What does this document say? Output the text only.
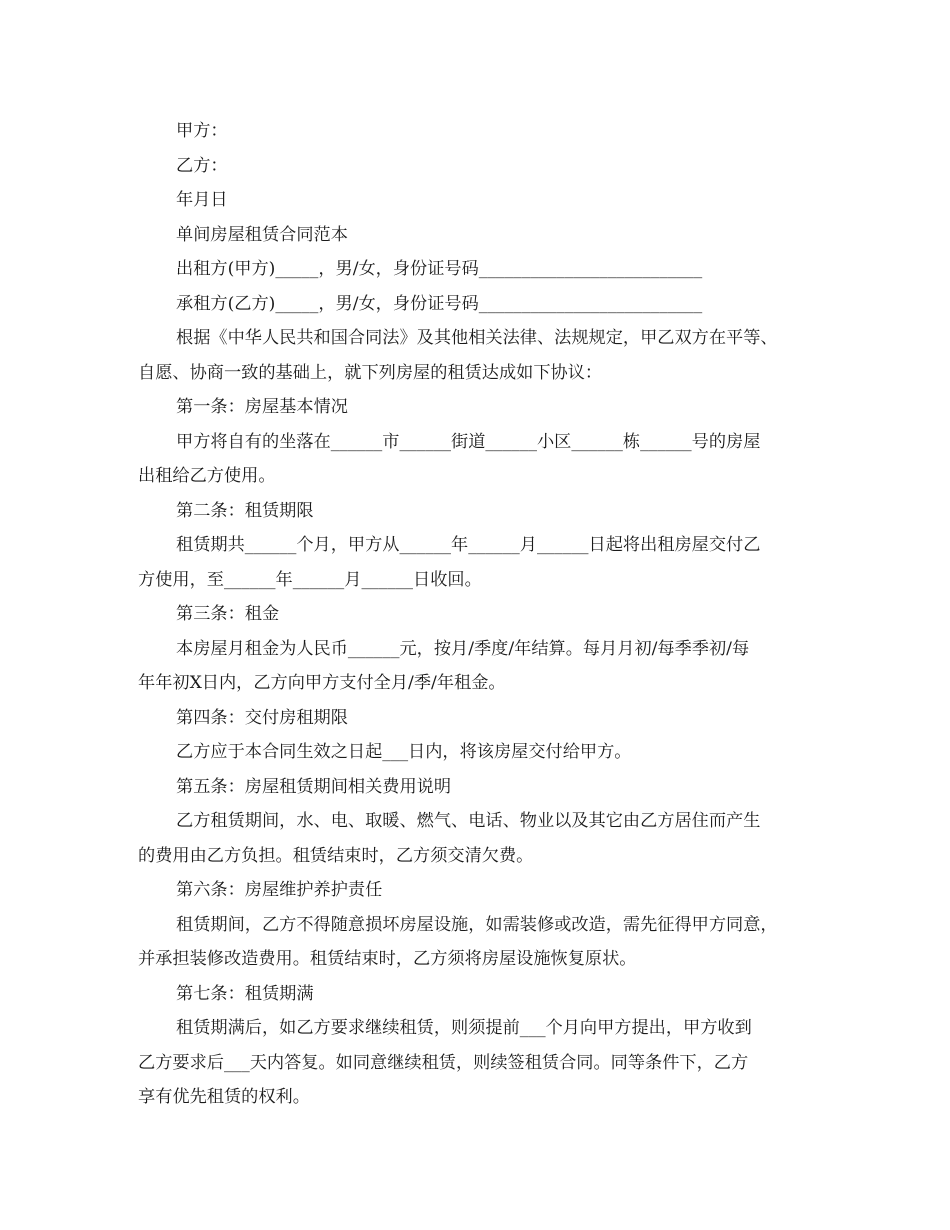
甲方：
乙方：
年月日
单间房屋租赁合同范本
出租方(甲方)_____，男/女，身份证号码__________________________
承租方(乙方)_____，男/女，身份证号码__________________________
根据《中华人民共和国合同法》及其他相关法律、法规规定，甲乙双方在平等、
自愿、协商一致的基础上，就下列房屋的租赁达成如下协议：
第一条：房屋基本情况
甲方将自有的坐落在______市______街道______小区______栋______号的房屋
出租给乙方使用。
第二条：租赁期限
租赁期共______个月，甲方从______年______月______日起将出租房屋交付乙
方使用，至______年______月______日收回。
第三条：租金
本房屋月租金为人民币______元，按月/季度/年结算。每月月初/每季季初/每
年年初X日内，乙方向甲方支付全月/季/年租金。
第四条：交付房租期限
乙方应于本合同生效之日起___日内，将该房屋交付给甲方。
第五条：房屋租赁期间相关费用说明
乙方租赁期间，水、电、取暖、燃气、电话、物业以及其它由乙方居住而产生
的费用由乙方负担。租赁结束时，乙方须交清欠费。
第六条：房屋维护养护责任
租赁期间，乙方不得随意损坏房屋设施，如需装修或改造，需先征得甲方同意，
并承担装修改造费用。租赁结束时，乙方须将房屋设施恢复原状。
第七条：租赁期满
租赁期满后，如乙方要求继续租赁，则须提前___个月向甲方提出，甲方收到
乙方要求后___天内答复。如同意继续租赁，则续签租赁合同。同等条件下，乙方
享有优先租赁的权利。
